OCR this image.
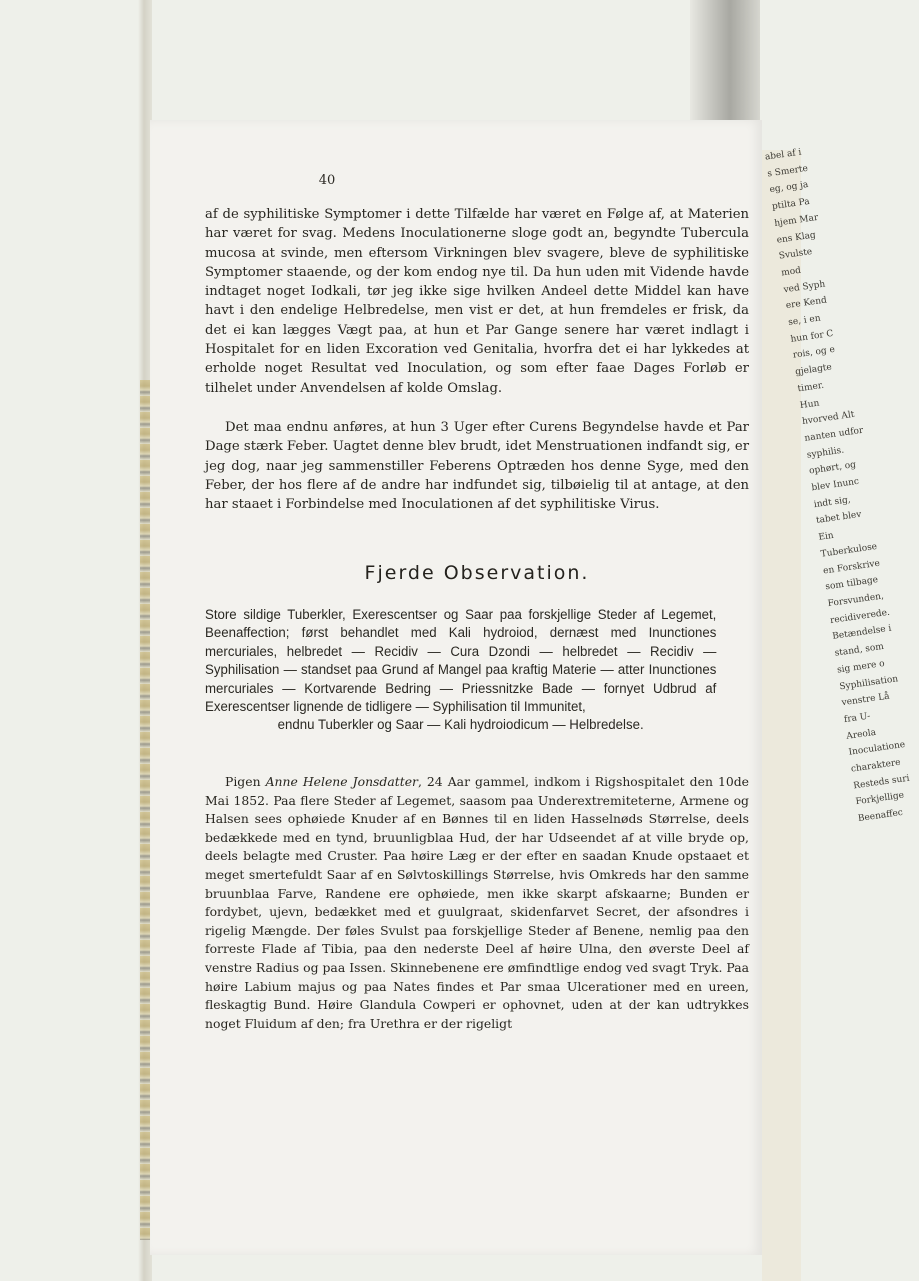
abel af i
s Smerte
eg, og ja
ptilta Pa
hjem Mar
ens Klag
Svulste
mod
ved Syph
ere Kend
se, i en
hun for C
rois, og e
gjelagte
timer.
Hun
hvorved Alt
nanten udfor
syphilis.
ophørt, og
blev Inunc
indt sig,
tabet blev
Ein
Tuberkulose
en Forskrive
som tilbage
Forsvunden,
recidiverede.
Betændelse i
stand, som
sig mere o
Syphilisation
venstre Lå
fra U-
Areola
Inoculatione
charaktere
Resteds suri
Forkjellige
Beenaffec
40

af de syphilitiske Symptomer i dette Tilfælde har været en Følge af, at Materien har været for svag. Medens Inoculationerne sloge godt an, begyndte Tubercula mucosa at svinde, men eftersom Virkningen blev svagere, bleve de syphilitiske Symptomer staaende, og der kom endog nye til. Da hun uden mit Vidende havde indtaget noget Iodkali, tør jeg ikke sige hvilken Andeel dette Middel kan have havt i den endelige Helbredelse, men vist er det, at hun fremdeles er frisk, da det ei kan lægges Vægt paa, at hun et Par Gange senere har været indlagt i Hospitalet for en liden Excoration ved Genitalia, hvorfra det ei har lykkedes at erholde noget Resultat ved Inoculation, og som efter faae Dages Forløb er tilhelet under Anvendelsen af kolde Omslag.

Det maa endnu anføres, at hun 3 Uger efter Curens Begyndelse havde et Par Dage stærk Feber. Uagtet denne blev brudt, idet Menstruationen indfandt sig, er jeg dog, naar jeg sammenstiller Feberens Optræden hos denne Syge, med den Feber, der hos flere af de andre har indfundet sig, tilbøielig til at antage, at den har staaet i Forbindelse med Inoculationen af det syphilitiske Virus.

Fjerde Observation.

Store sildige Tuberkler, Exerescentser og Saar paa forskjellige Steder af Legemet, Beenaffection; først behandlet med Kali hydroiod, dernæst med Inunctiones mercuriales, helbredet — Recidiv — Cura Dzondi — helbredet — Recidiv — Syphilisation — standset paa Grund af Mangel paa kraftig Materie — atter Inunctiones mercuriales — Kortvarende Bedring — Priessnitzke Bade — fornyet Udbrud af Exerescentser lignende de tidligere — Syphilisation til Immunitet,
endnu Tuberkler og Saar — Kali hydroiodicum — Helbredelse.

Pigen Anne Helene Jonsdatter, 24 Aar gammel, indkom i Rigshospitalet den 10de Mai 1852. Paa flere Steder af Legemet, saasom paa Underextremiteterne, Armene og Halsen sees ophøiede Knuder af en Bønnes til en liden Hasselnøds Størrelse, deels bedækkede med en tynd, bruunligblaa Hud, der har Udseendet af at ville bryde op, deels belagte med Cruster. Paa høire Læg er der efter en saadan Knude opstaaet et meget smertefuldt Saar af en Sølvtoskillings Størrelse, hvis Omkreds har den samme bruunblaa Farve, Randene ere ophøiede, men ikke skarpt afskaarne; Bunden er fordybet, ujevn, bedækket med et guulgraat, skidenfarvet Secret, der afsondres i rigelig Mængde. Der føles Svulst paa forskjellige Steder af Benene, nemlig paa den forreste Flade af Tibia, paa den nederste Deel af høire Ulna, den øverste Deel af venstre Radius og paa Issen. Skinnebenene ere ømfindtlige endog ved svagt Tryk. Paa høire Labium majus og paa Nates findes et Par smaa Ulcerationer med en ureen, fleskagtig Bund. Høire Glandula Cowperi er ophovnet, uden at der kan udtrykkes noget Fluidum af den; fra Urethra er der rigeligt
